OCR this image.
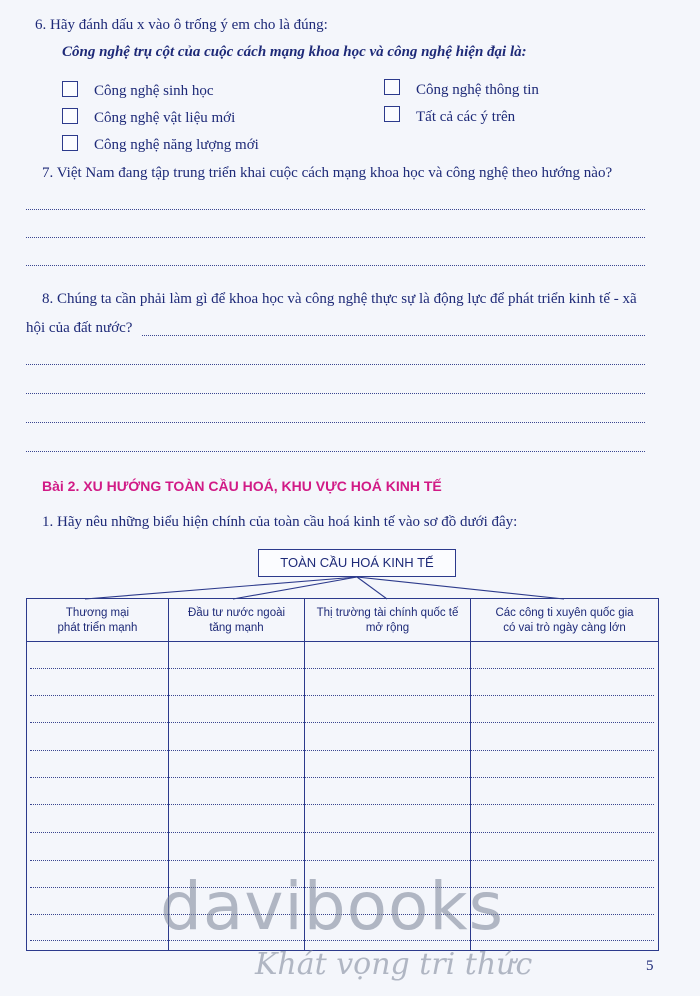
6. Hãy đánh dấu x vào ô trống ý em cho là đúng:
Công nghệ trụ cột của cuộc cách mạng khoa học và công nghệ hiện đại là:
Công nghệ sinh học
Công nghệ vật liệu mới
Công nghệ năng lượng mới
Công nghệ thông tin
Tất cả các ý trên
7. Việt Nam đang tập trung triển khai cuộc cách mạng khoa học và công nghệ theo hướng nào?
8. Chúng ta cần phải làm gì để khoa học và công nghệ thực sự là động lực để phát triển kinh tế - xã
hội của đất nước?
Bài 2. XU HƯỚNG TOÀN CẦU HOÁ, KHU VỰC HOÁ KINH TẾ
1. Hãy nêu những biểu hiện chính của toàn cầu hoá kinh tế vào sơ đồ dưới đây:
TOÀN CẦU HOÁ KINH TẾ
Thương mại
phát triển mạnh
Đầu tư nước ngoài
tăng mạnh
Thị trường tài chính quốc tế
mở rộng
Các công ti xuyên quốc gia
có vai trò ngày càng lớn
davibooks
Khát vọng tri thức	5
